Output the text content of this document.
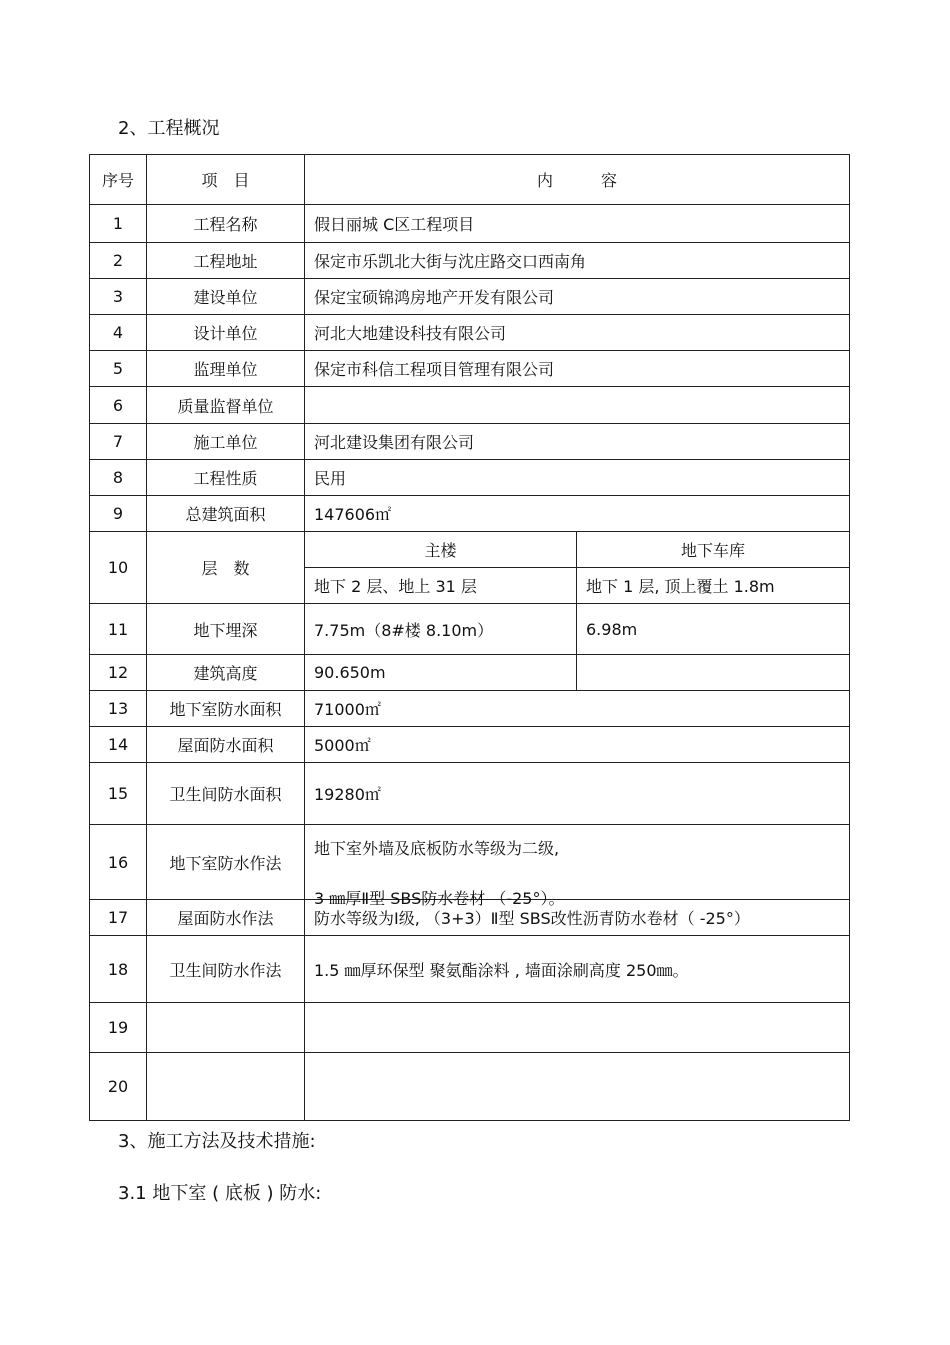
2、工程概况
序号	项　目	内　　　容	
1	工程名称	假日丽城 C区工程项目	
2	工程地址	保定市乐凯北大街与沈庄路交口西南角	
3	建设单位	保定宝硕锦鸿房地产开发有限公司	
4	设计单位	河北大地建设科技有限公司	
5	监理单位	保定市科信工程项目管理有限公司	
6	质量监督单位		
7	施工单位	河北建设集团有限公司	
8	工程性质	民用	
9	总建筑面积	147606㎡	
10	层　数	主楼	地下车库
		地下 2 层、地上 31 层	地下 1 层, 顶上覆土 1.8m
11	地下埋深	7.75m（8#楼 8.10m）	6.98m
12	建筑高度	90.650m	
13	地下室防水面积	71000㎡	
14	屋面防水面积	5000㎡	
15	卫生间防水面积	19280㎡	
16	地下室防水作法	地下室外墙及底板防水等级为二级,
3 ㎜厚Ⅱ型 SBS防水卷材 （-25°）。	

17	屋面防水作法	防水等级为Ⅰ级, （3+3）Ⅱ型 SBS改性沥青防水卷材（ -25°）	
18	卫生间防水作法	1.5 ㎜厚环保型 聚氨酯涂料 , 墙面涂刷高度 250㎜。	
19			
20			
3、施工方法及技术措施:
3.1 地下室 ( 底板 ) 防水:
